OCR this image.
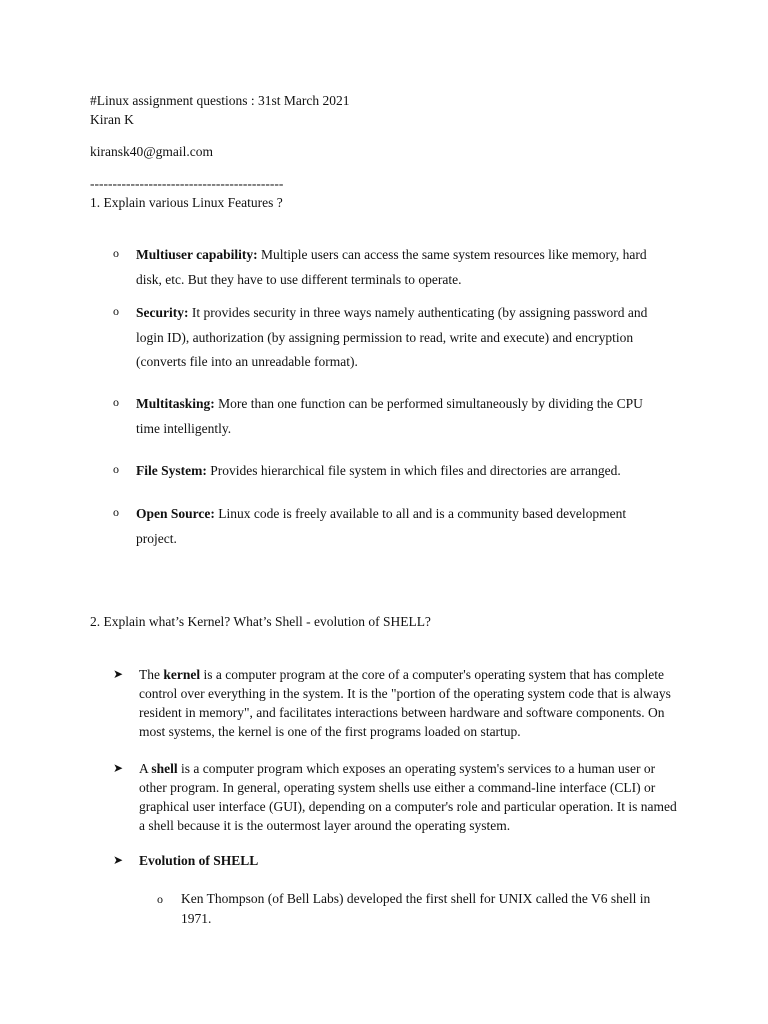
#Linux assignment questions : 31st March 2021
Kiran K
kiransk40@gmail.com
-------------------------------------------
1. Explain various Linux Features ?
o Multiuser capability: Multiple users can access the same system resources like memory, hard disk, etc. But they have to use different terminals to operate.
o Security: It provides security in three ways namely authenticating (by assigning password and login ID), authorization (by assigning permission to read, write and execute) and encryption (converts file into an unreadable format).
o Multitasking: More than one function can be performed simultaneously by dividing the CPU time intelligently.
o File System: Provides hierarchical file system in which files and directories are arranged.
o Open Source: Linux code is freely available to all and is a community based development project.
2. Explain what’s Kernel? What’s Shell - evolution of SHELL?
➤ The kernel is a computer program at the core of a computer's operating system that has complete control over everything in the system. It is the "portion of the operating system code that is always resident in memory", and facilitates interactions between hardware and software components. On most systems, the kernel is one of the first programs loaded on startup.
➤ A shell is a computer program which exposes an operating system's services to a human user or other program. In general, operating system shells use either a command-line interface (CLI) or graphical user interface (GUI), depending on a computer's role and particular operation. It is named a shell because it is the outermost layer around the operating system.
➤ Evolution of SHELL
o Ken Thompson (of Bell Labs) developed the first shell for UNIX called the V6 shell in 1971.
